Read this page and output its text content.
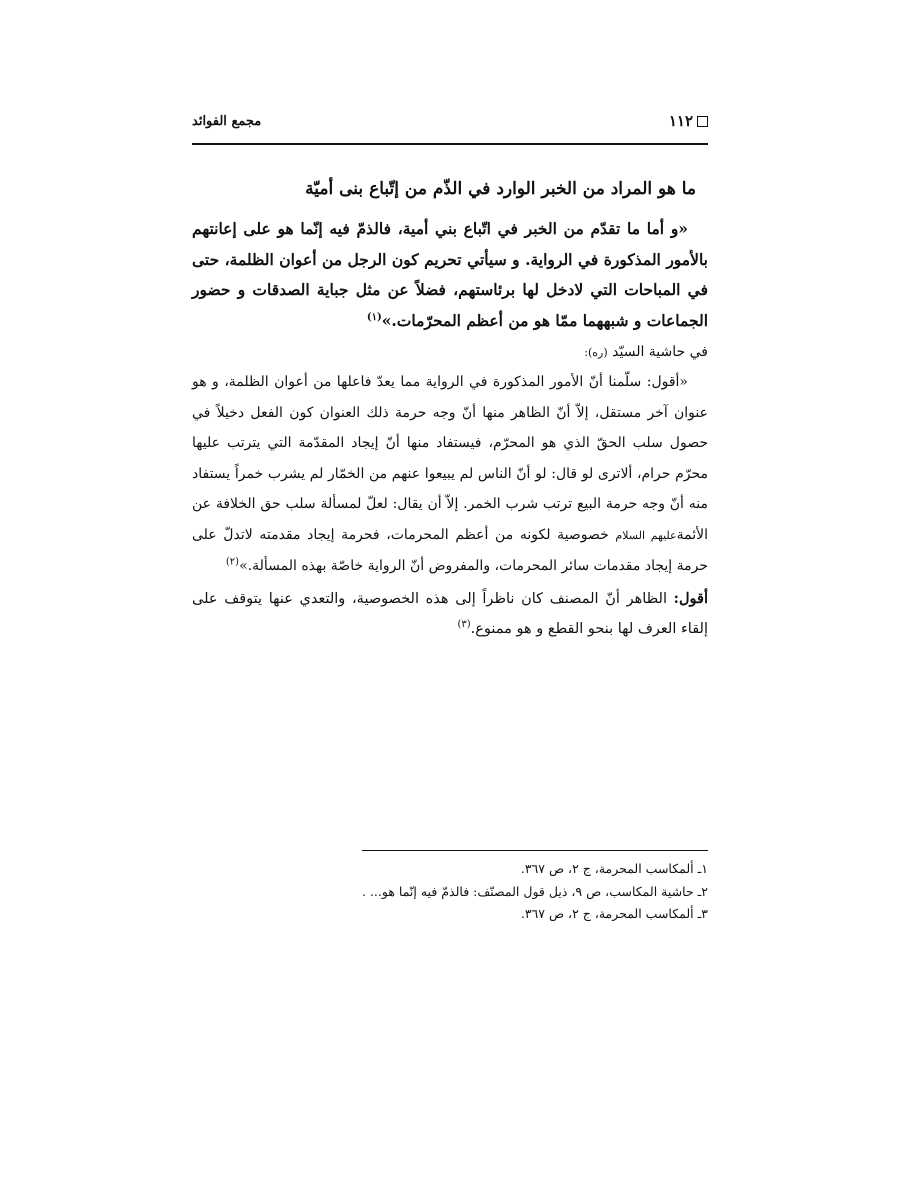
١١٢
مجمع الفوائد
ما هو المراد من الخبر الوارد في الذّم من إتّباع بنى أميّة

«و أما ما تقدّم من الخبر في اتّباع بني أمية، فالذمّ فيه إنّما هو على إعانتهم بالأمور المذكورة في الرواية. و سيأتي تحريم كون الرجل من أعوان الظلمة، حتى في المباحات التي لادخل لها برئاستهم، فضلاً عن مثل جباية الصدقات و حضور الجماعات و شبههما ممّا هو من أعظم المحرّمات.»$^{(١)}$

في حاشية السيّد (ره):

«أقول: سلّمنا أنّ الأمور المذكورة في الرواية مما يعدّ فاعلها من أعوان الظلمة، و هو عنوان آخر مستقل، إلاّ أنّ الظاهر منها أنّ وجه حرمة ذلك العنوان كون الفعل دخيلاً في حصول سلب الحقّ الذي هو المحرّم، فيستفاد منها أنّ إيجاد المقدّمة التي يترتب عليها محرّم حرام، ألاترى لو قال: لو أنّ الناس لم يبيعوا عنهم من الخمّار لم يشرب خمراً يستفاد منه أنّ وجه حرمة البيع ترتب شرب الخمر. إلاّ أن يقال: لعلّ لمسألة سلب حق الخلافة عن الأئمةعليهم السلام خصوصية لكونه من أعظم المحرمات، فحرمة إيجاد مقدمته لاتدلّ على حرمة إيجاد مقدمات سائر المحرمات، والمفروض أنّ الرواية خاصّة بهذه المسألة.»$^{(٢)}$

أقول: الظاهر أنّ المصنف كان ناظراً إلى هذه الخصوصية، والتعدي عنها يتوقف على إلقاء العرف لها بنحو القطع و هو ممنوع.$^{(٣)}$

١ـ ألمكاسب المحرمة، ج ٢، ص ٣٦٧.

٢ـ حاشية المكاسب، ص ٩، ذيل قول المصنّف: فالذمّ فيه إنّما هو... .

٣ـ ألمكاسب المحرمة، ج ٢، ص ٣٦٧.
